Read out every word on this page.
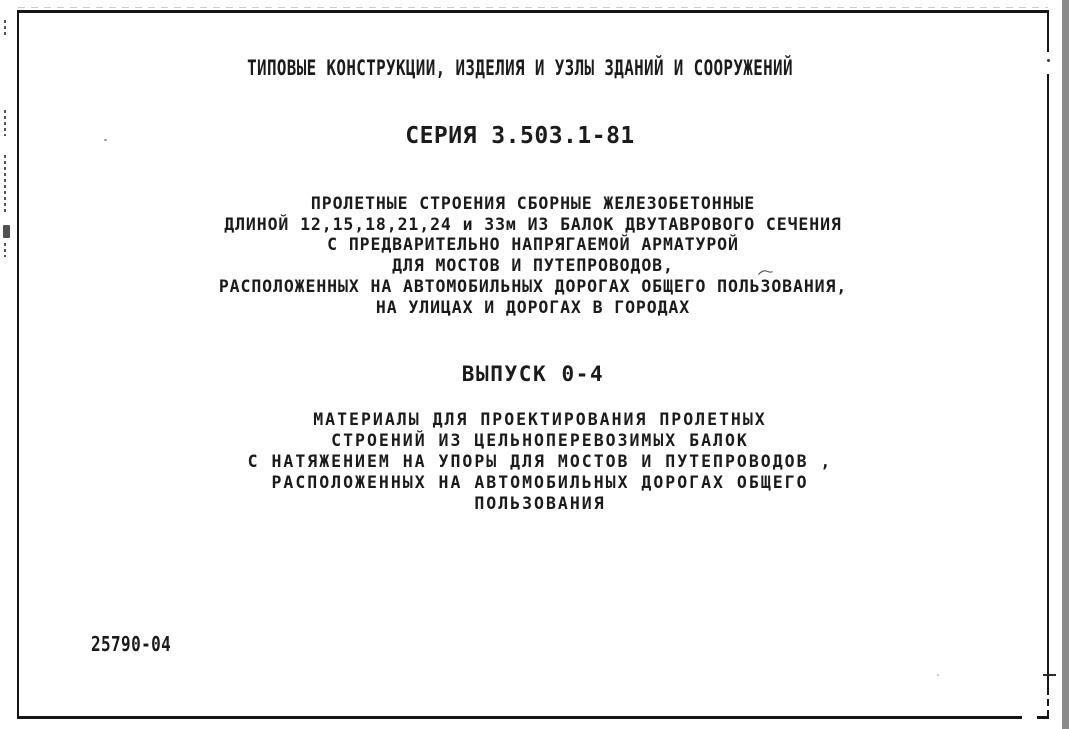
ТИПОВЫЕ КОНСТРУКЦИИ, ИЗДЕЛИЯ И УЗЛЫ ЗДАНИЙ И СООРУЖЕНИЙ
СЕРИЯ 3.503.1-81
ПРОЛЕТНЫЕ СТРОЕНИЯ СБОРНЫЕ ЖЕЛЕЗОБЕТОННЫЕ
ДЛИНОЙ 12,15,18,21,24 и 33м ИЗ БАЛОК ДВУТАВРОВОГО СЕЧЕНИЯ
С ПРЕДВАРИТЕЛЬНО НАПРЯГАЕМОЙ АРМАТУРОЙ
ДЛЯ МОСТОВ И ПУТЕПРОВОДОВ,
РАСПОЛОЖЕННЫХ НА АВТОМОБИЛЬНЫХ ДОРОГАХ ОБЩЕГО ПОЛЬЗОВАНИЯ,
НА УЛИЦАХ И ДОРОГАХ В ГОРОДАХ
ВЫПУСК 0-4
МАТЕРИАЛЫ ДЛЯ ПРОЕКТИРОВАНИЯ ПРОЛЕТНЫХ
СТРОЕНИЙ ИЗ ЦЕЛЬНОПЕРЕВОЗИМЫХ БАЛОК
С НАТЯЖЕНИЕМ НА УПОРЫ ДЛЯ МОСТОВ И ПУТЕПРОВОДОВ ,
РАСПОЛОЖЕННЫХ НА АВТОМОБИЛЬНЫХ ДОРОГАХ ОБЩЕГО
ПОЛЬЗОВАНИЯ
25790-04
